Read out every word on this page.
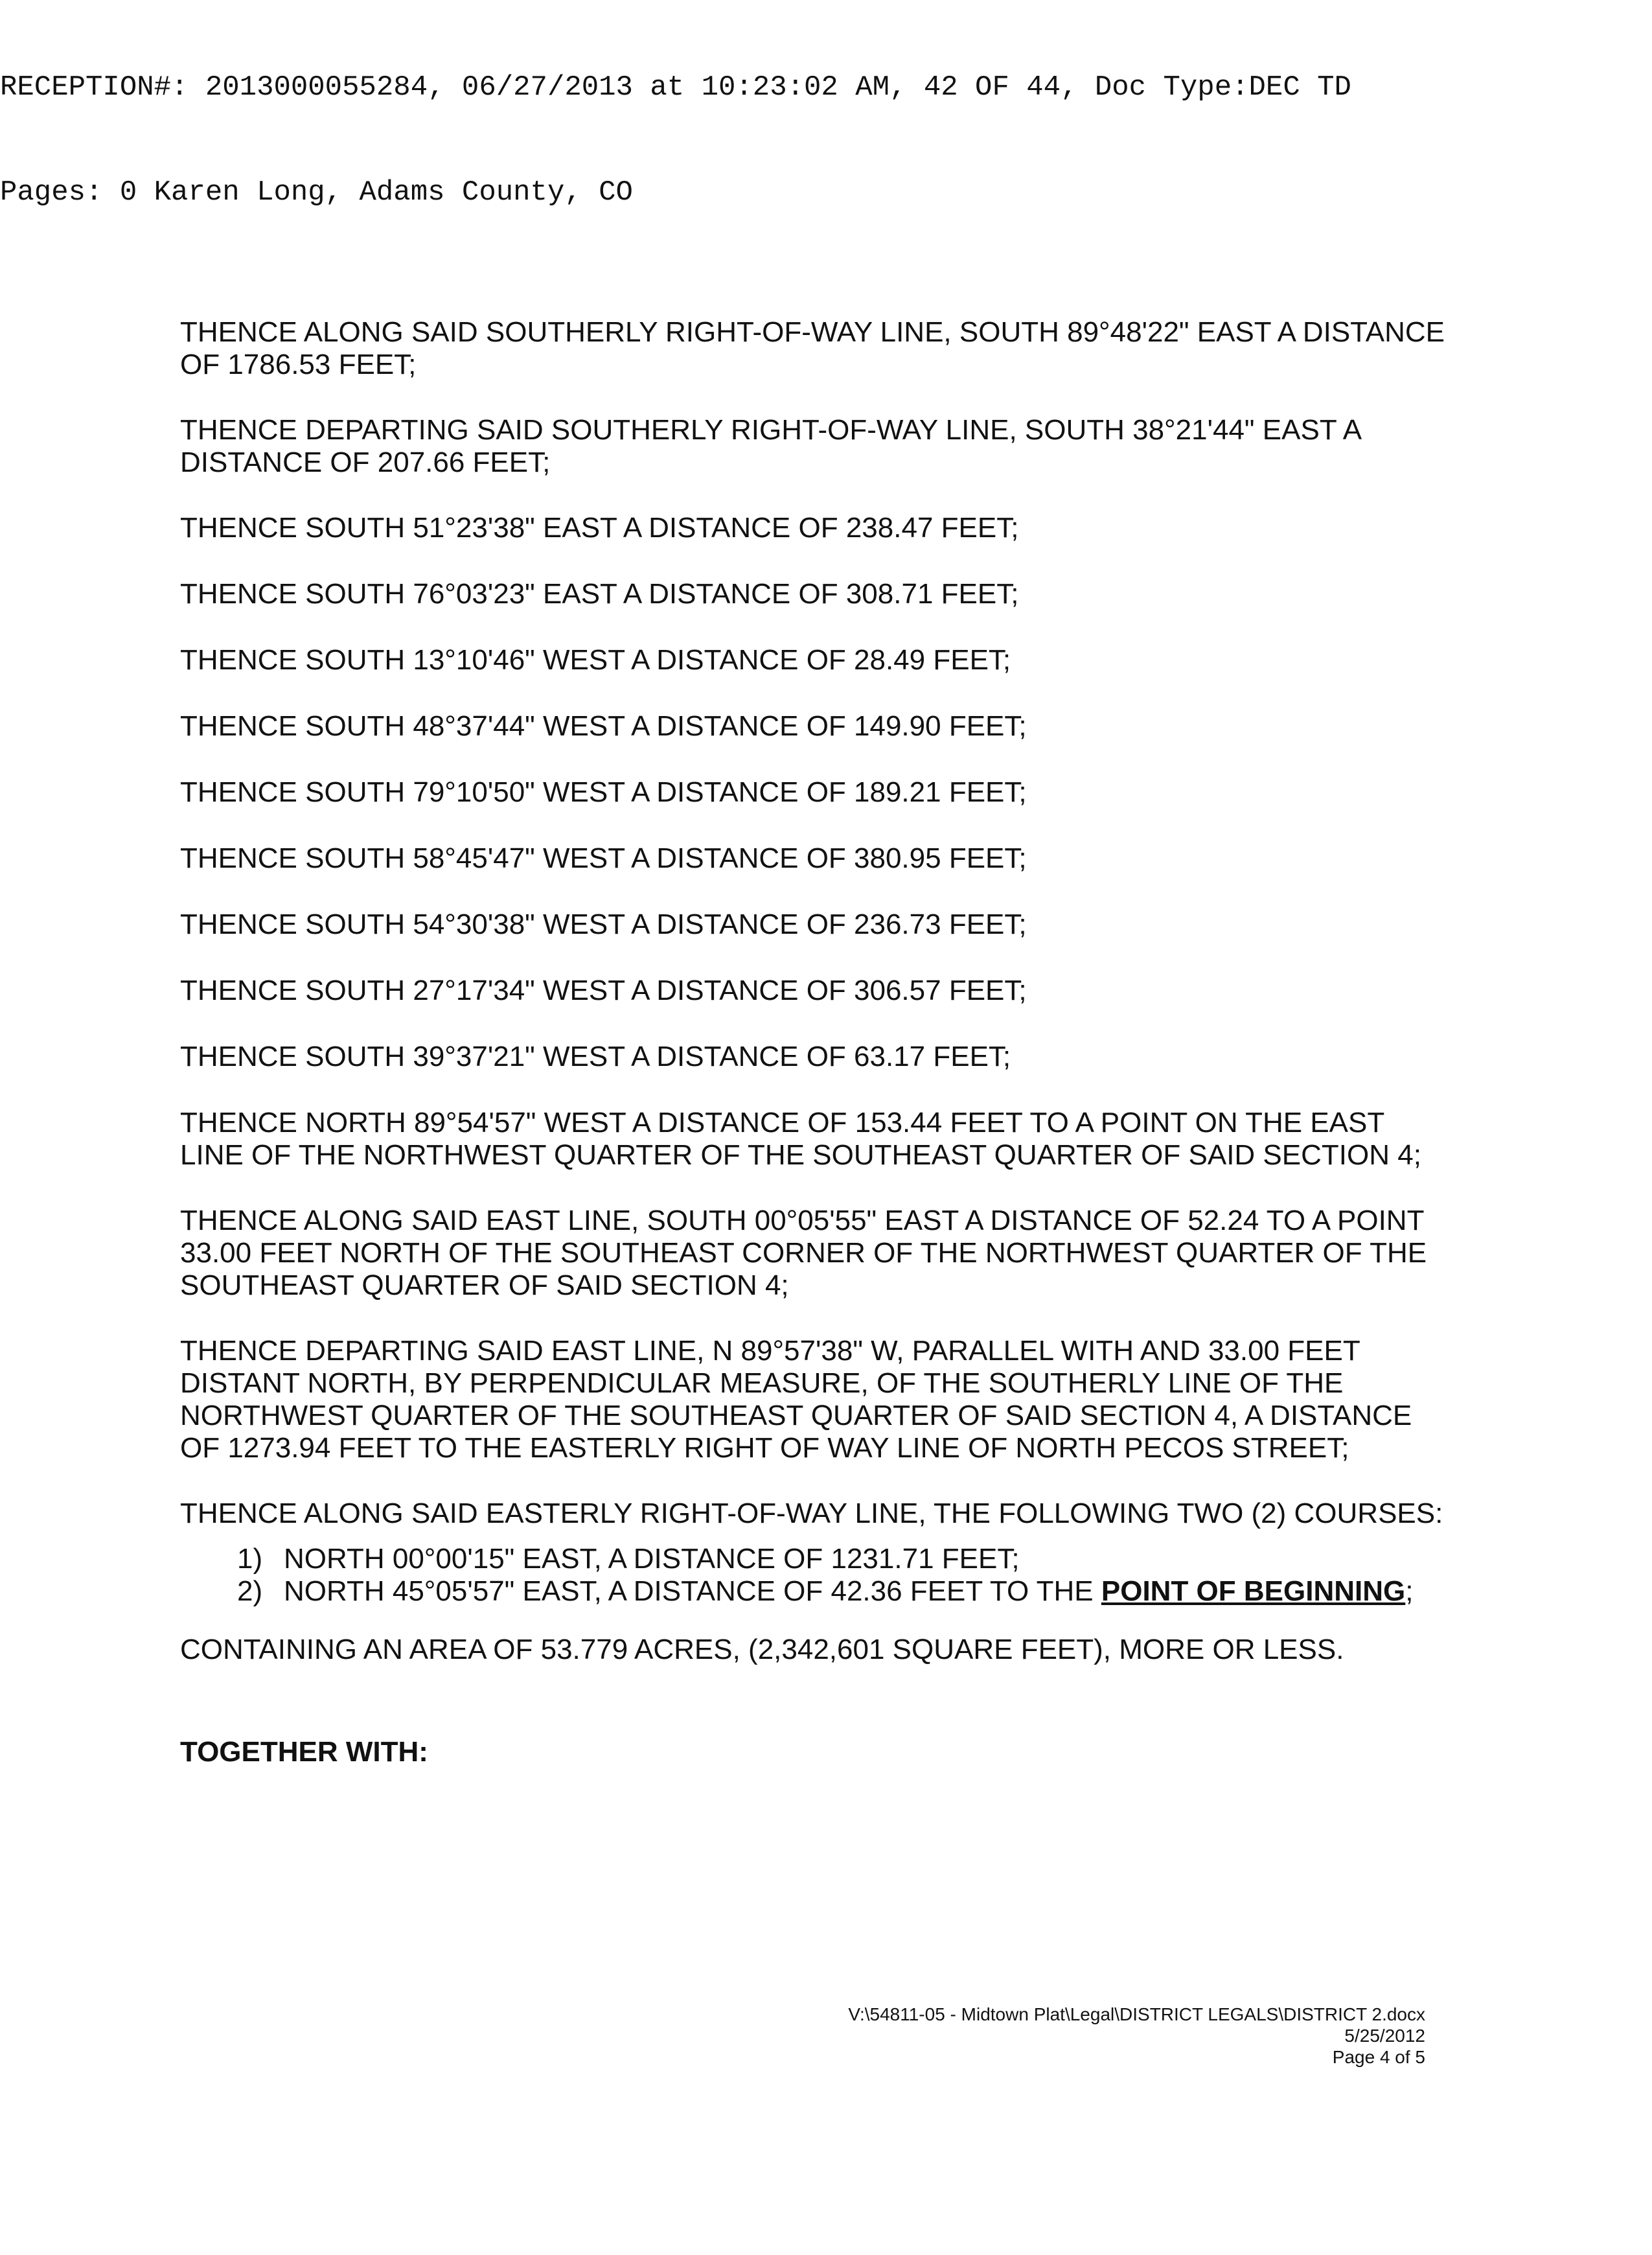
RECEPTION#: 2013000055284, 06/27/2013 at 10:23:02 AM, 42 OF 44, Doc Type:DEC TD

Pages: 0 Karen Long, Adams County, CO

THENCE ALONG SAID SOUTHERLY RIGHT-OF-WAY LINE, SOUTH 89°48'22" EAST A DISTANCE OF 1786.53 FEET;

THENCE DEPARTING SAID SOUTHERLY RIGHT-OF-WAY LINE, SOUTH 38°21'44" EAST A DISTANCE OF 207.66 FEET;

THENCE SOUTH 51°23'38" EAST A DISTANCE OF 238.47 FEET;

THENCE SOUTH 76°03'23" EAST A DISTANCE OF 308.71 FEET;

THENCE SOUTH 13°10'46" WEST A DISTANCE OF 28.49 FEET;

THENCE SOUTH 48°37'44" WEST A DISTANCE OF 149.90 FEET;

THENCE SOUTH 79°10'50" WEST A DISTANCE OF 189.21 FEET;

THENCE SOUTH 58°45'47" WEST A DISTANCE OF 380.95 FEET;

THENCE SOUTH 54°30'38" WEST A DISTANCE OF 236.73 FEET;

THENCE SOUTH 27°17'34" WEST A DISTANCE OF 306.57 FEET;

THENCE SOUTH 39°37'21" WEST A DISTANCE OF 63.17 FEET;

THENCE NORTH 89°54'57" WEST A DISTANCE OF 153.44 FEET TO A POINT ON THE EAST LINE OF THE NORTHWEST QUARTER OF THE SOUTHEAST QUARTER OF SAID SECTION 4;

THENCE ALONG SAID EAST LINE, SOUTH 00°05'55" EAST A DISTANCE OF 52.24 TO A POINT 33.00 FEET NORTH OF THE SOUTHEAST CORNER OF THE NORTHWEST QUARTER OF THE SOUTHEAST QUARTER OF SAID SECTION 4;

THENCE DEPARTING SAID EAST LINE, N 89°57'38" W, PARALLEL WITH AND 33.00 FEET DISTANT NORTH, BY PERPENDICULAR MEASURE, OF THE SOUTHERLY LINE OF THE NORTHWEST QUARTER OF THE SOUTHEAST QUARTER OF SAID SECTION 4, A DISTANCE OF 1273.94 FEET TO THE EASTERLY RIGHT OF WAY LINE OF NORTH PECOS STREET;

THENCE ALONG SAID EASTERLY RIGHT-OF-WAY LINE, THE FOLLOWING TWO (2) COURSES:

1) NORTH 00°00'15" EAST, A DISTANCE OF 1231.71 FEET;
2) NORTH 45°05'57" EAST, A DISTANCE OF 42.36 FEET TO THE POINT OF BEGINNING;

CONTAINING AN AREA OF 53.779 ACRES, (2,342,601 SQUARE FEET), MORE OR LESS.

TOGETHER WITH:

V:\54811-05 - Midtown Plat\Legal\DISTRICT LEGALS\DISTRICT 2.docx
5/25/2012
Page 4 of 5
